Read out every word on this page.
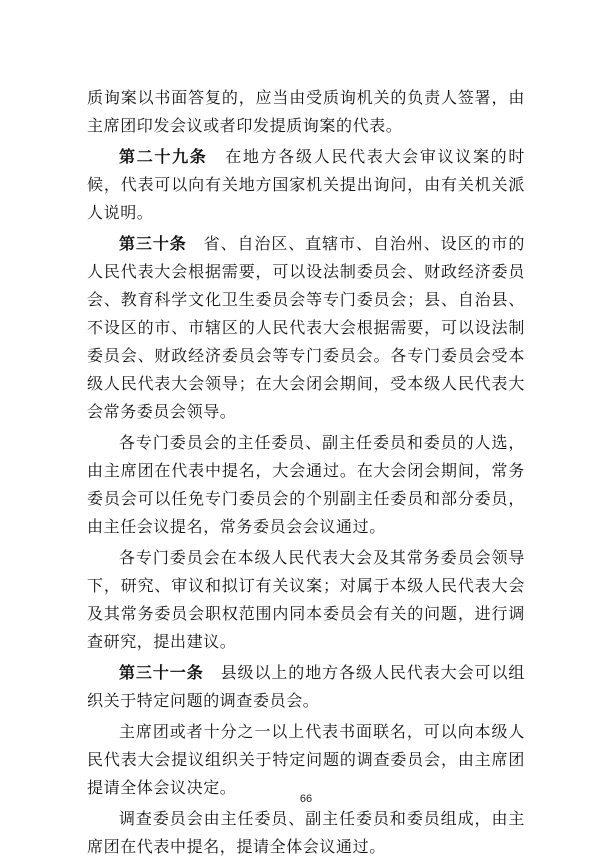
质询案以书面答复的，应当由受质询机关的负责人签署，由主席团印发会议或者印发提质询案的代表。

第二十九条　在地方各级人民代表大会审议议案的时候，代表可以向有关地方国家机关提出询问，由有关机关派人说明。

第三十条　省、自治区、直辖市、自治州、设区的市的人民代表大会根据需要，可以设法制委员会、财政经济委员会、教育科学文化卫生委员会等专门委员会；县、自治县、不设区的市、市辖区的人民代表大会根据需要，可以设法制委员会、财政经济委员会等专门委员会。各专门委员会受本级人民代表大会领导；在大会闭会期间，受本级人民代表大会常务委员会领导。

各专门委员会的主任委员、副主任委员和委员的人选，由主席团在代表中提名，大会通过。在大会闭会期间，常务委员会可以任免专门委员会的个别副主任委员和部分委员，由主任会议提名，常务委员会会议通过。

各专门委员会在本级人民代表大会及其常务委员会领导下，研究、审议和拟订有关议案；对属于本级人民代表大会及其常务委员会职权范围内同本委员会有关的问题，进行调查研究，提出建议。

第三十一条　县级以上的地方各级人民代表大会可以组织关于特定问题的调查委员会。

主席团或者十分之一以上代表书面联名，可以向本级人民代表大会提议组织关于特定问题的调查委员会，由主席团提请全体会议决定。

调查委员会由主任委员、副主任委员和委员组成，由主席团在代表中提名，提请全体会议通过。

66
